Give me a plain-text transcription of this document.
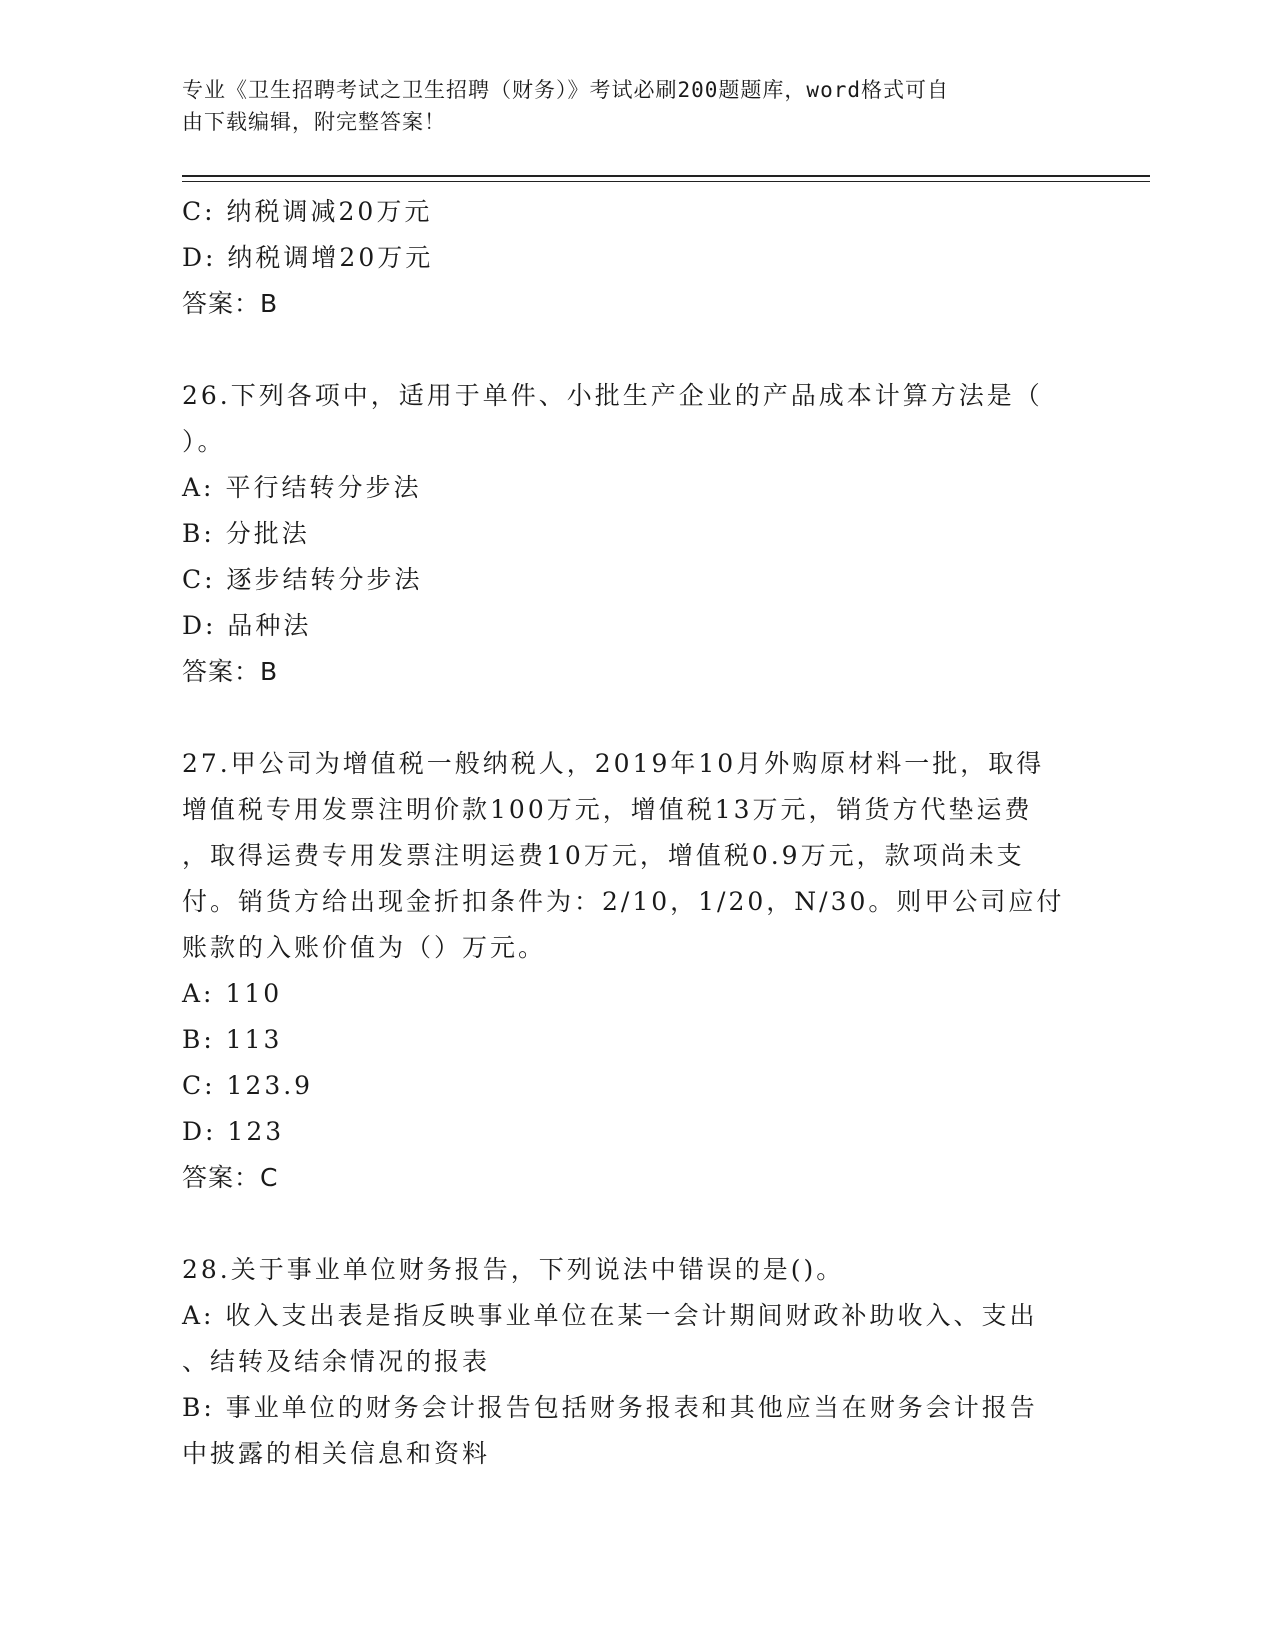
专业《卫生招聘考试之卫生招聘（财务）》考试必刷200题题库，word格式可自
由下载编辑，附完整答案！
C: 纳税调减20万元
D: 纳税调增20万元
答案：B
26.下列各项中，适用于单件、小批生产企业的产品成本计算方法是（
）。
A: 平行结转分步法
B: 分批法
C: 逐步结转分步法
D: 品种法
答案：B
27.甲公司为增值税一般纳税人，2019年10月外购原材料一批，取得
增值税专用发票注明价款100万元，增值税13万元，销货方代垫运费
，取得运费专用发票注明运费10万元，增值税0.9万元，款项尚未支
付。销货方给出现金折扣条件为：2/10，1/20，N/30。则甲公司应付
账款的入账价值为（）万元。
A: 110
B: 113
C: 123.9
D: 123
答案：C
28.关于事业单位财务报告，下列说法中错误的是()。
A: 收入支出表是指反映事业单位在某一会计期间财政补助收入、支出
、结转及结余情况的报表
B: 事业单位的财务会计报告包括财务报表和其他应当在财务会计报告
中披露的相关信息和资料
